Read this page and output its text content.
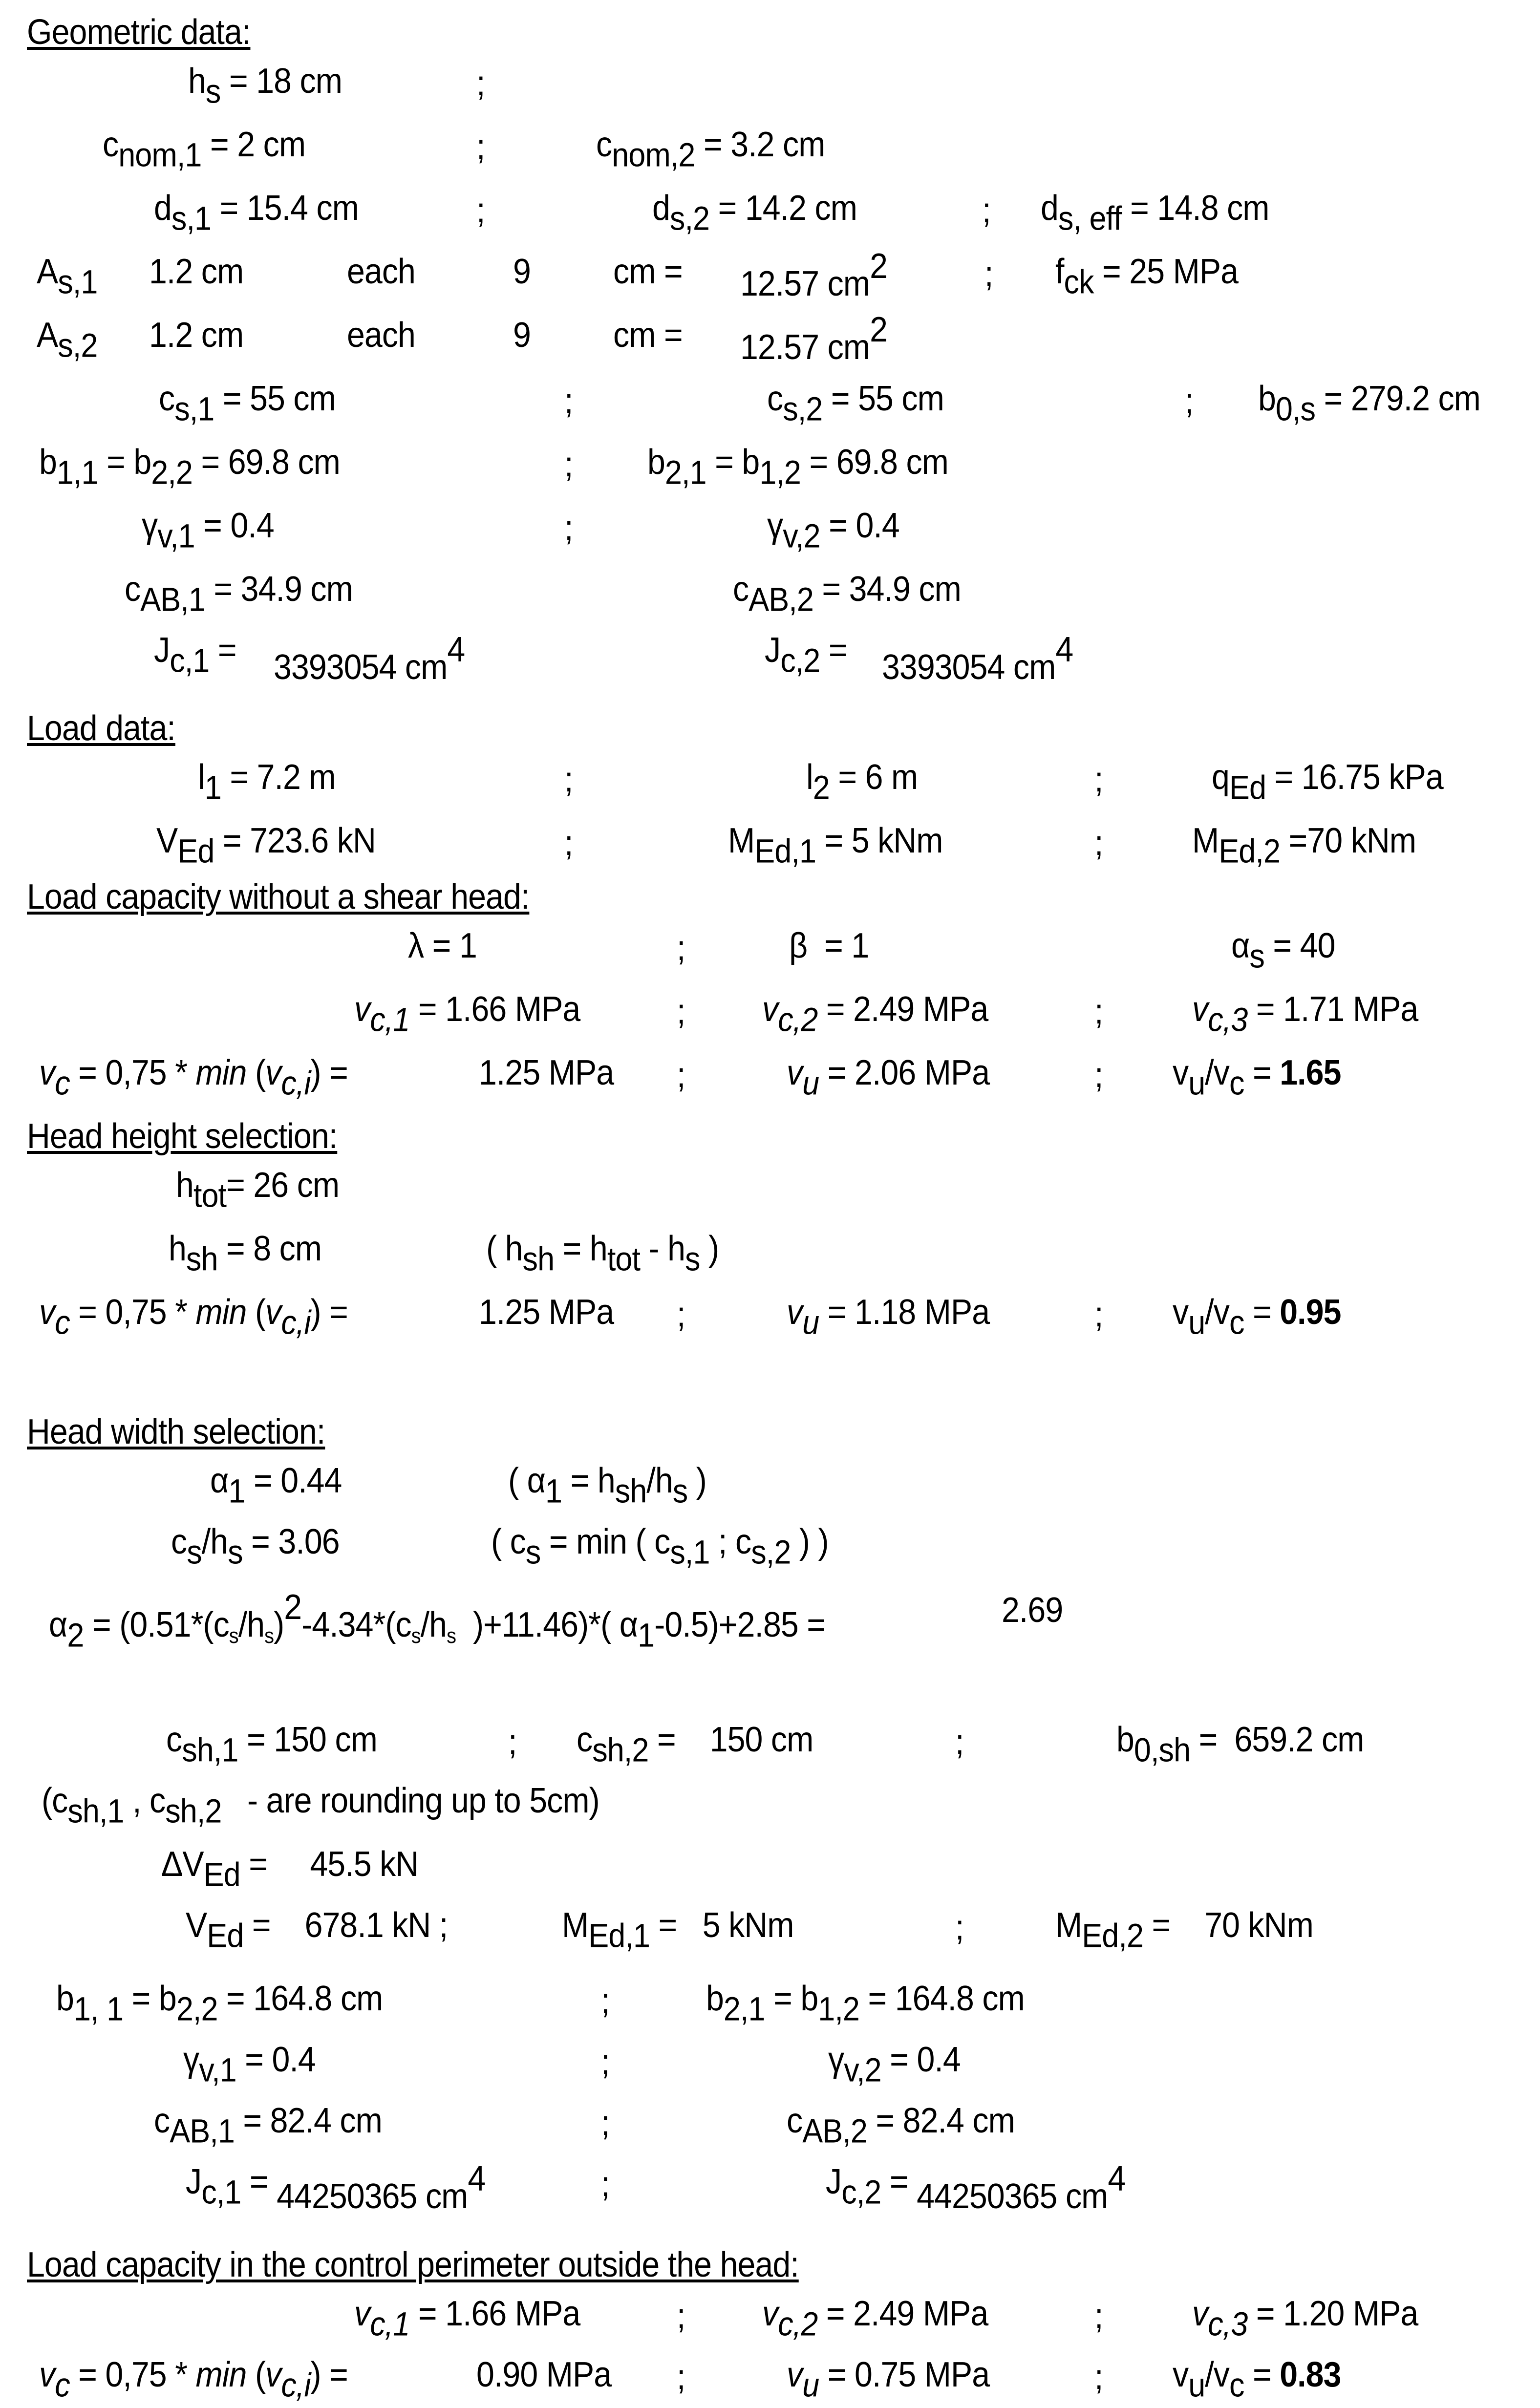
Geometric data:
$h_s = 18$ cm	;
$c_{nom,1} = 2$ cm	;	$c_{nom,2} = 3.2$ cm
$d_{s,1} = 15.4$ cm	;	$d_{s,2} = 14.2$ cm	; $d_{s, eff} = 14.8$ cm
$A_{s,1}$ 1.2 cm	each	9 cm = 12.57 $cm^2$	; $f_{ck} = 25$ MPa
$A_{s,2}$ 1.2 cm	each	9 cm = 12.57 $cm^2$
$c_{s,1} = 55$ cm	;	$c_{s,2} = 55$ cm	; $b_{0,s} = 279.2$ cm
$b_{1,1} = b_{2,2} = 69.8$ cm	; $b_{2,1} = b_{1,2} = 69.8$ cm
$\gamma_{v,1} = 0.4$	;	$\gamma_{v,2} = 0.4$
$c_{AB,1} = 34.9$ cm	$c_{AB,2} = 34.9$ cm
$J_{c,1} = 3393054$ $cm^4$	$J_{c,2} = 3393054$ $cm^4$
Load data:
$l_1 = 7.2$ m	;	$l_2 = 6$ m	;	$q_{Ed} = 16.75$ kPa
$V_{Ed} = 723.6$ kN	;	$M_{Ed,1} = 5$ kNm	;	$M_{Ed,2} =70$ kNm
Load capacity without a shear head:
λ = 1	;	β  = 1	$\alpha_s = 40$
$v_{c,1} = 1.66$ MPa	; $v_{c,2} = 2.49$ MPa	;	$v_{c,3} = 1.71$ MPa
$v_c = 0,75 * \min (v_{c,i})$ =	1.25 MPa ;	$v_u = 2.06$ MPa	; $v_u/v_c = 1.65$
Head height selection:
$h_{tot}= 26$ cm
$h_{sh} = 8$ cm	( $h_{sh} = h_{tot} - h_s$ )
$v_c = 0,75 * \min (v_{c,i})$ =	1.25 MPa ;	$v_u = 1.18$ MPa	; $v_u/v_c = 0.95$
Head width selection:
$\alpha_1 = 0.44$	( $\alpha_1 = h_{sh}/h_s$ )
$c_s/h_s = 3.06$	( $c_s = \min$ ( $c_{s,1}$ ; $c_{s,2}$ ) )
$\alpha_2 = (0.51*(c_s/h_s)^2-4.34*(c_s/h_s$  )+11.46)*( $\alpha_1-0.5)+2.85$ =	2.69
$c_{sh,1} = 150$ cm	; $c_{sh,2}$ =    150 cm	;	$b_{0,sh} = 659.2$ cm
($c_{sh,1}$ , $c_{sh,2}$ - are rounding up to 5cm)
$\Delta V_{Ed}$ =     45.5 kN
$V_{Ed}$ =    678.1 kN ;	$M_{Ed,1} = 5$ kNm	;	$M_{Ed,2}$ =    70 kNm
$b_{1, 1} = b_{2,2} = 164.8$ cm	;	$b_{2,1} = b_{1,2} = 164.8$ cm
$\gamma_{v,1} = 0.4$	;	$\gamma_{v,2} = 0.4$
$c_{AB,1} = 82.4$ cm	;	$c_{AB,2} = 82.4$ cm
$J_{c,1} = 44250365$ $cm^4$	;	$J_{c,2} = 44250365$ $cm^4$
Load capacity in the control perimeter outside the head:
$v_{c,1} = 1.66$ MPa	; $v_{c,2} = 2.49$ MPa	;	$v_{c,3} = 1.20$ MPa
$v_c = 0,75 * \min (v_{c,i})$ =	0.90 MPa ;	$v_u = 0.75$ MPa	; $v_u/v_c = 0.83$
